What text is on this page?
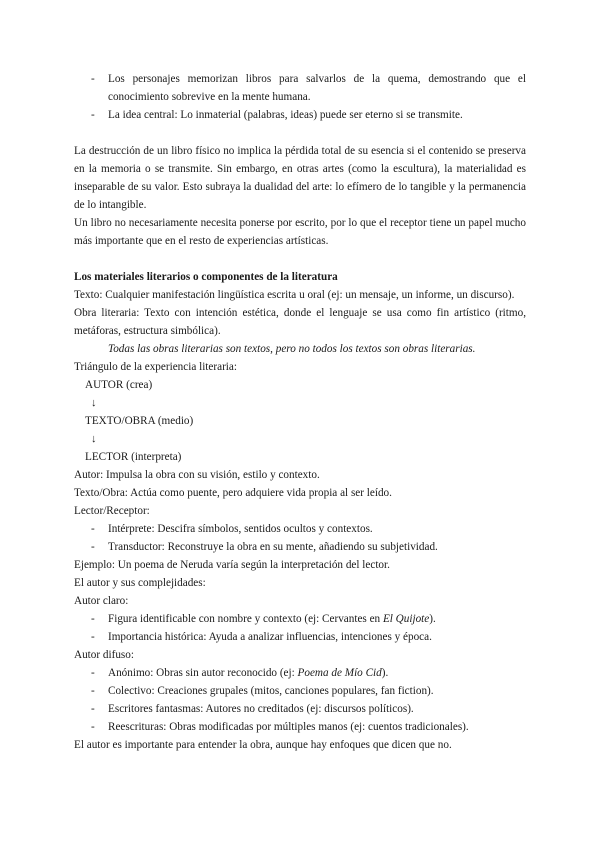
-	Los personajes memorizan libros para salvarlos de la quema, demostrando que el conocimiento sobrevive en la mente humana.
-	La idea central: Lo inmaterial (palabras, ideas) puede ser eterno si se transmite.

La destrucción de un libro físico no implica la pérdida total de su esencia si el contenido se preserva en la memoria o se transmite. Sin embargo, en otras artes (como la escultura), la materialidad es inseparable de su valor. Esto subraya la dualidad del arte: lo efímero de lo tangible y la permanencia de lo intangible.

Un libro no necesariamente necesita ponerse por escrito, por lo que el receptor tiene un papel mucho más importante que en el resto de experiencias artísticas.

Los materiales literarios o componentes de la literatura

Texto: Cualquier manifestación lingüística escrita u oral (ej: un mensaje, un informe, un discurso).

Obra literaria: Texto con intención estética, donde el lenguaje se usa como fin artístico (ritmo, metáforas, estructura simbólica).

Todas las obras literarias son textos, pero no todos los textos son obras literarias.

Triángulo de la experiencia literaria:

AUTOR (crea)

↓

TEXTO/OBRA (medio)

↓

LECTOR (interpreta)

Autor: Impulsa la obra con su visión, estilo y contexto.

Texto/Obra: Actúa como puente, pero adquiere vida propia al ser leído.

Lector/Receptor:

-	Intérprete: Descifra símbolos, sentidos ocultos y contextos.
-	Transductor: Reconstruye la obra en su mente, añadiendo su subjetividad.

Ejemplo: Un poema de Neruda varía según la interpretación del lector.

El autor y sus complejidades:

Autor claro:

-	Figura identificable con nombre y contexto (ej: Cervantes en El Quijote).
-	Importancia histórica: Ayuda a analizar influencias, intenciones y época.

Autor difuso:

-	Anónimo: Obras sin autor reconocido (ej: Poema de Mío Cid).
-	Colectivo: Creaciones grupales (mitos, canciones populares, fan fiction).
-	Escritores fantasmas: Autores no creditados (ej: discursos políticos).
-	Reescrituras: Obras modificadas por múltiples manos (ej: cuentos tradicionales).

El autor es importante para entender la obra, aunque hay enfoques que dicen que no.
